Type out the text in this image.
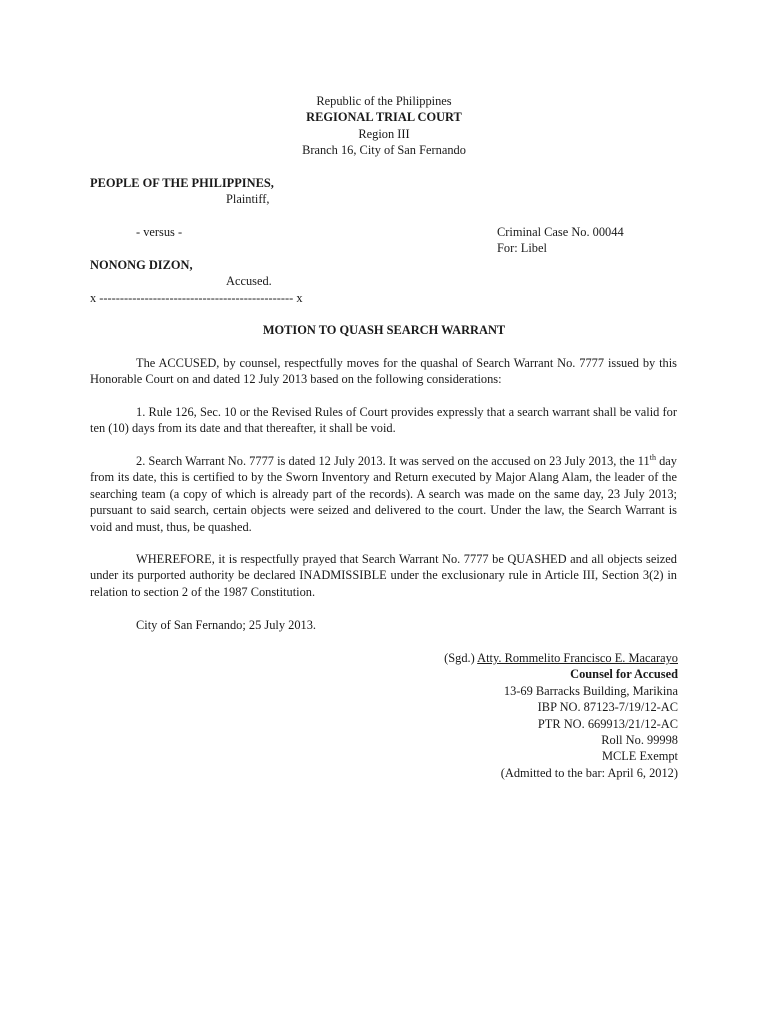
Republic of the Philippines
REGIONAL TRIAL COURT
Region III
Branch 16, City of San Fernando
PEOPLE OF THE PHILIPPINES,
Plaintiff,
- versus -	Criminal Case No. 00044
For: Libel
NONONG DIZON,
Accused.
x ----------------------------------------------- x
MOTION TO QUASH SEARCH WARRANT
The ACCUSED, by counsel, respectfully moves for the quashal of Search Warrant No. 7777 issued by this Honorable Court on and dated 12 July 2013 based on the following considerations:
1. Rule 126, Sec. 10 or the Revised Rules of Court provides expressly that a search warrant shall be valid for ten (10) days from its date and that thereafter, it shall be void.
2. Search Warrant No. 7777 is dated 12 July 2013. It was served on the accused on 23 July 2013, the 11th day from its date, this is certified to by the Sworn Inventory and Return executed by Major Alang Alam, the leader of the searching team (a copy of which is already part of the records). A search was made on the same day, 23 July 2013; pursuant to said search, certain objects were seized and delivered to the court. Under the law, the Search Warrant is void and must, thus, be quashed.
WHEREFORE, it is respectfully prayed that Search Warrant No. 7777 be QUASHED and all objects seized under its purported authority be declared INADMISSIBLE under the exclusionary rule in Article III, Section 3(2) in relation to section 2 of the 1987 Constitution.
City of San Fernando; 25 July 2013.
(Sgd.) Atty. Rommelito Francisco E. Macarayo
Counsel for Accused
13-69 Barracks Building, Marikina
IBP NO. 87123-7/19/12-AC
PTR NO. 669913/21/12-AC
Roll No. 99998
MCLE Exempt
(Admitted to the bar: April 6, 2012)
